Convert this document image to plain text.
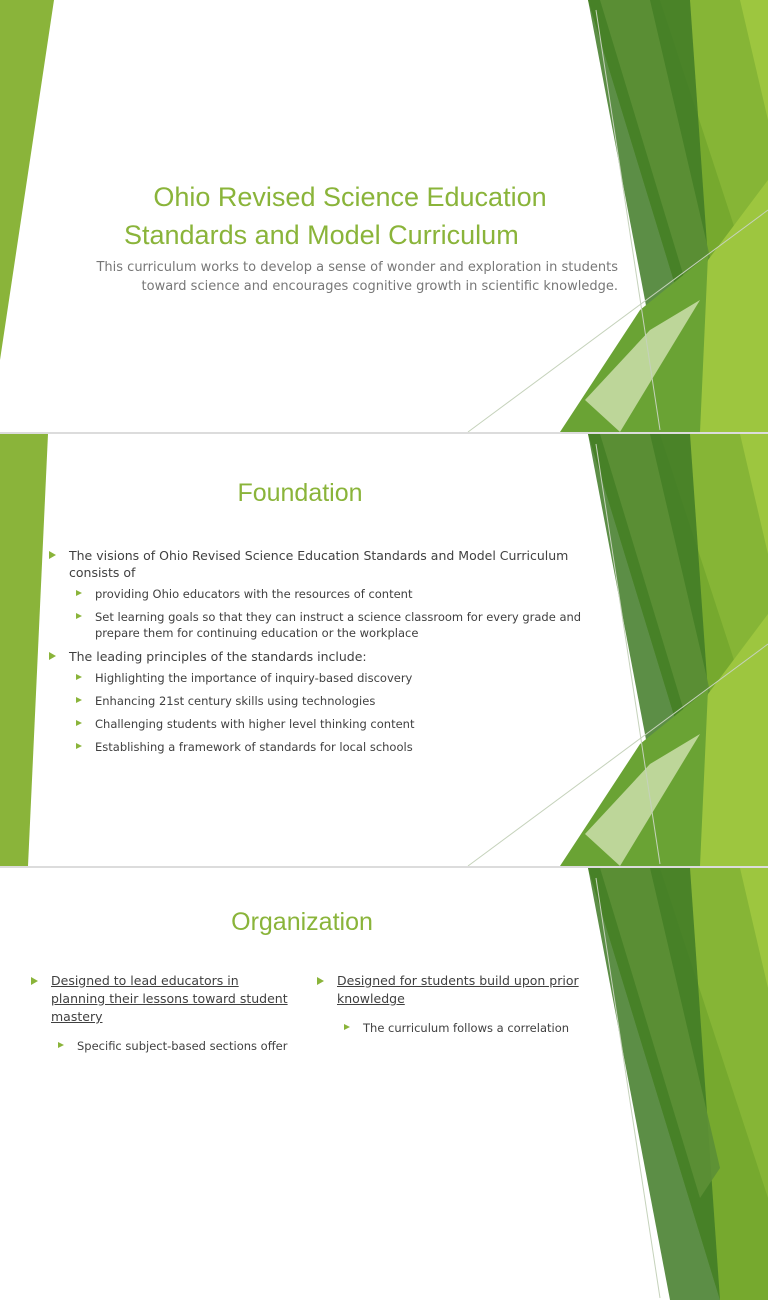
Ohio Revised Science Education
Standards and Model Curriculum
This curriculum works to develop a sense of wonder and exploration in students
toward science and encourages cognitive growth in scientific knowledge.
Foundation
The visions of Ohio Revised Science Education Standards and Model Curriculum consists of
providing Ohio educators with the resources of content
Set learning goals so that they can instruct a science classroom for every grade and prepare them for continuing education or the workplace
The leading principles of the standards include:
Highlighting the importance of inquiry-based discovery
Enhancing 21st century skills using technologies
Challenging students with higher level thinking content
Establishing a framework of standards for local schools
Organization
Designed to lead educators in planning their lessons toward student mastery
Specific subject-based sections offer
Designed for students build upon prior knowledge
The curriculum follows a correlation
